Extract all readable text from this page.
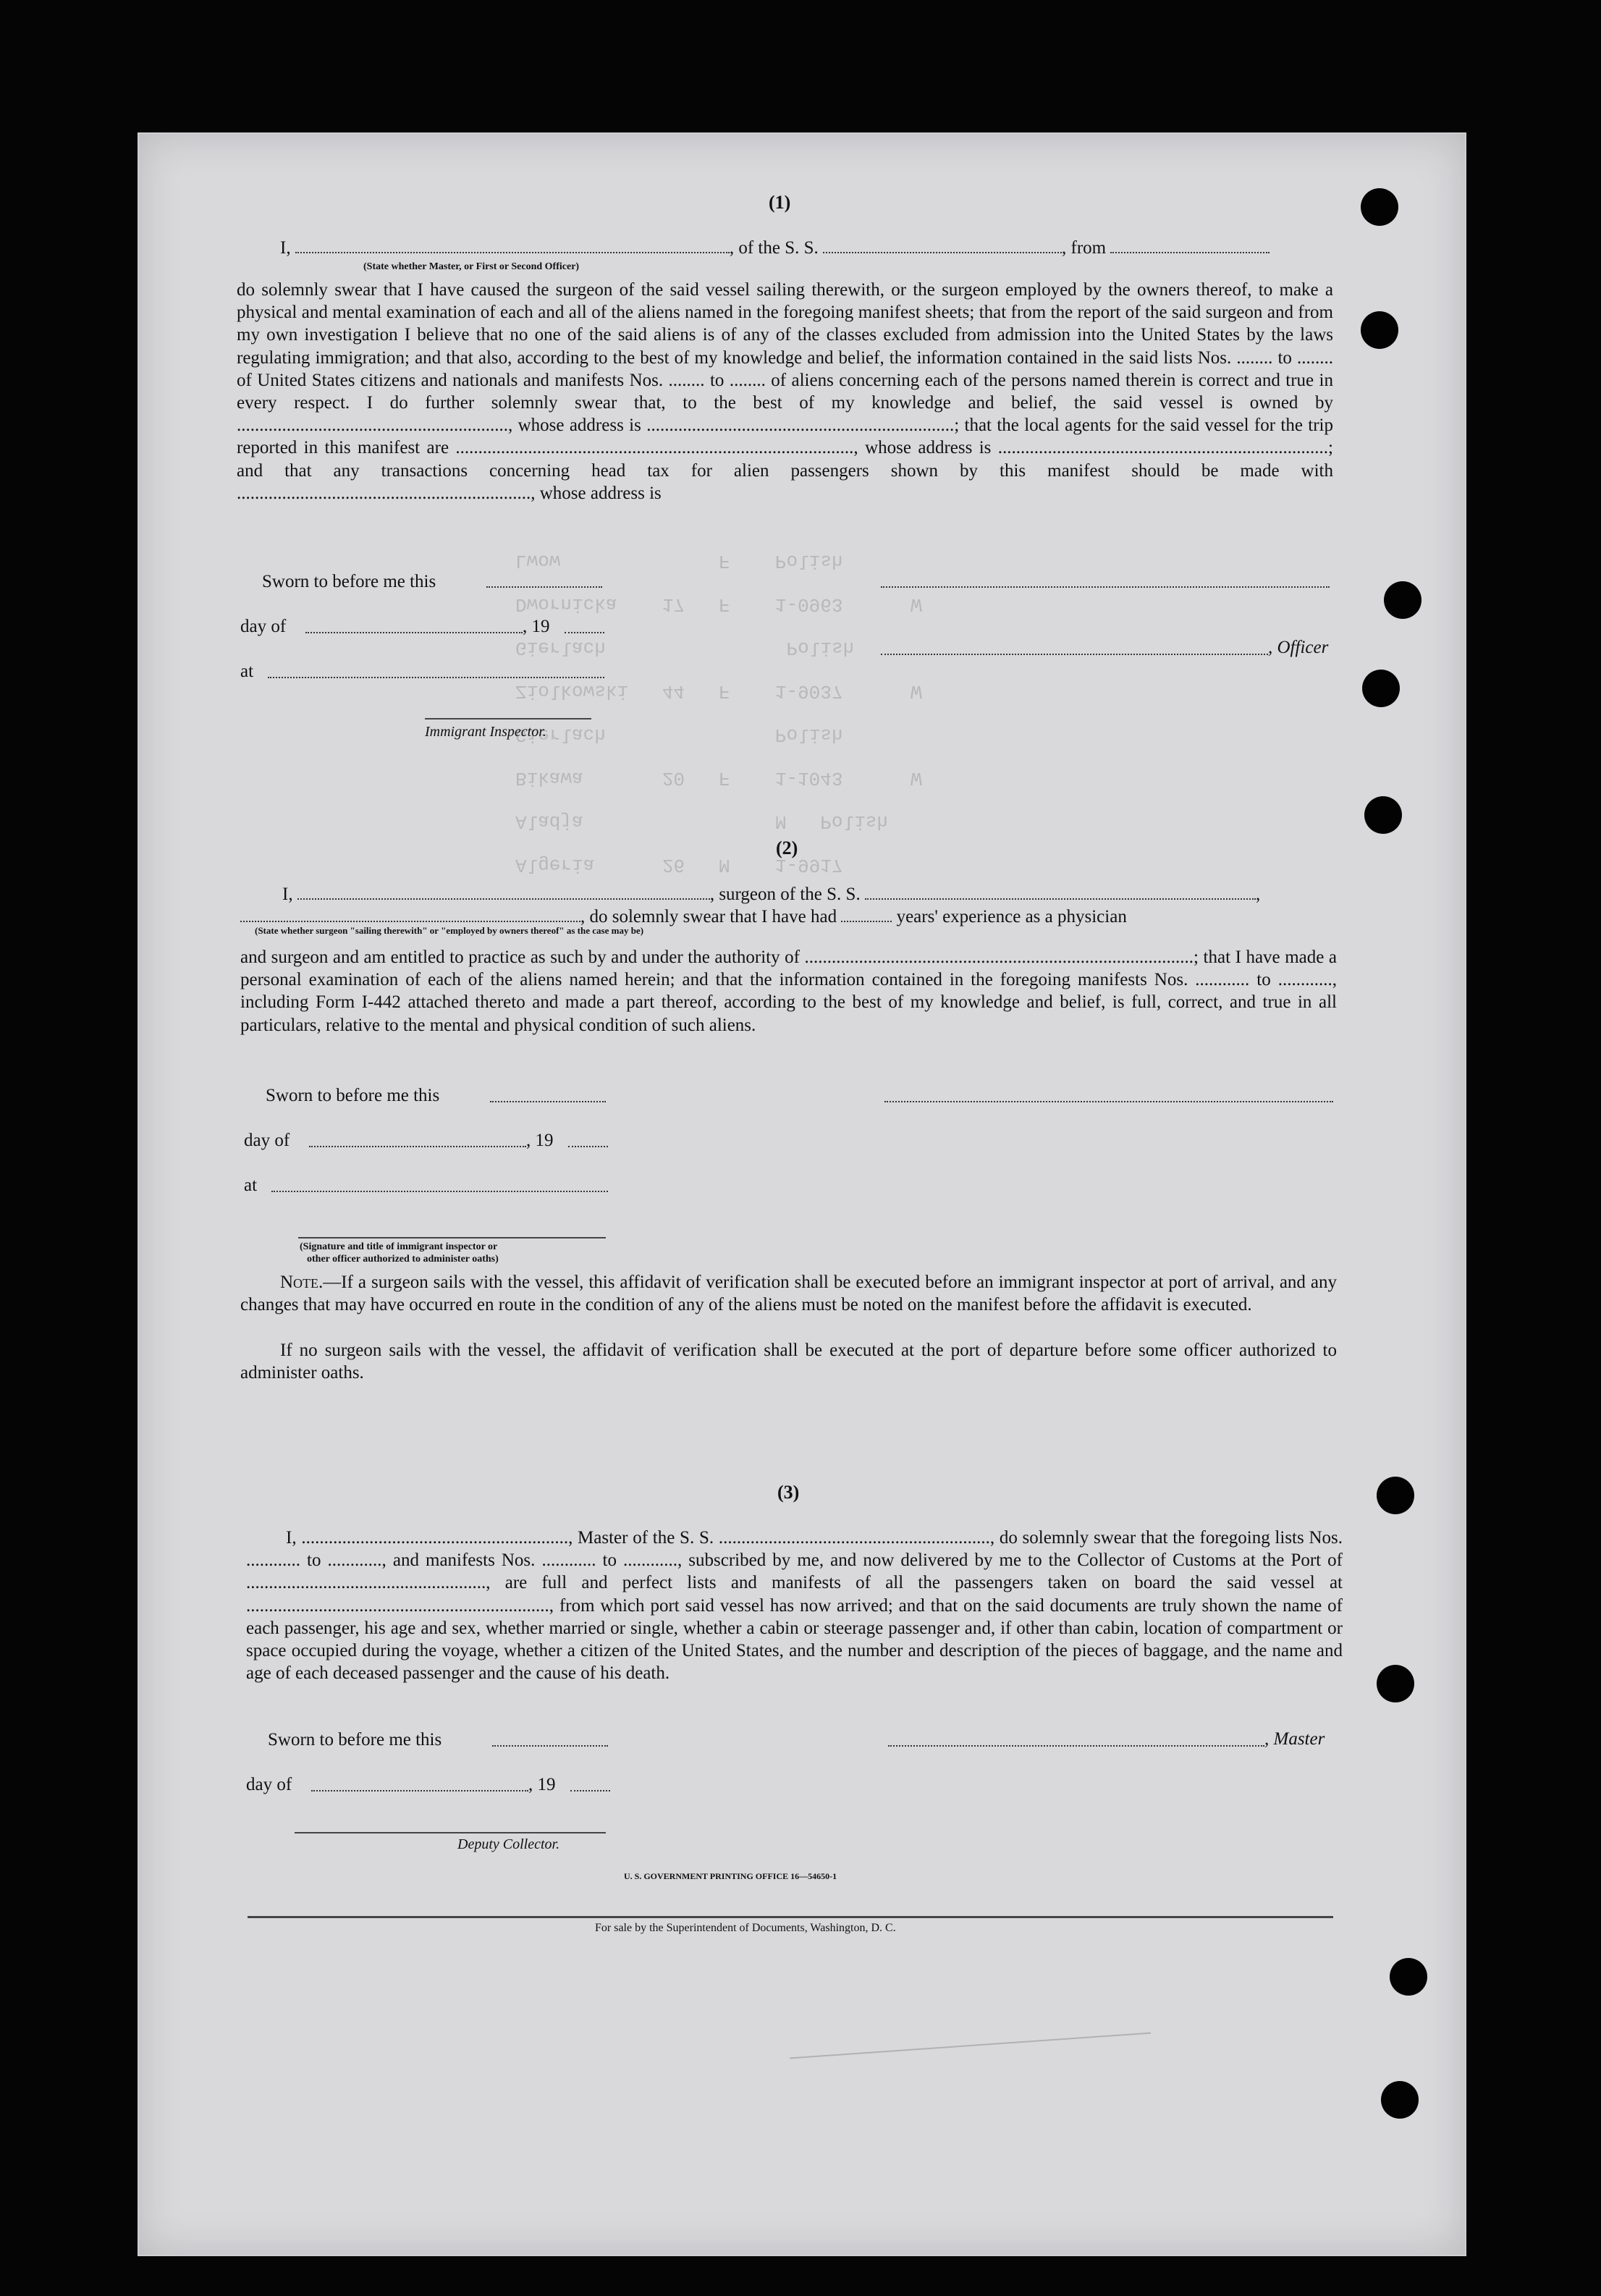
Algeria      26   M    1-9917
Aladja                 M   Polish
Bikawa       20   F    1-1043      W
Gierlach               Polish
Ziolkowski   44   F    1-9037      W
Gierlach                Polish
Dwornicka    17   F    1-0963      W
Lwow              F    Polish
(1)
I,	, of the S. S.	, from
(State whether Master, or First or Second Officer)
do solemnly swear that I have caused the surgeon of the said vessel sailing therewith, or the surgeon employed by the owners thereof, to make a physical and mental examination of each and all of the aliens named in the foregoing manifest sheets; that from the report of the said surgeon and from my own investigation I believe that no one of the said aliens is of any of the classes excluded from admission into the United States by the laws regulating immigration; and that also, according to the best of my knowledge and belief, the information contained in the said lists Nos. ........ to ........ of United States citizens and nationals and manifests Nos. ........ to ........ of aliens concerning each of the persons named therein is correct and true in every respect. I do further solemnly swear that, to the best of my knowledge and belief, the said vessel is owned by ............................................................, whose address is ....................................................................; that the local agents for the said vessel for the trip reported in this manifest are ........................................................................................, whose address is .........................................................................; and that any transactions concerning head tax for alien passengers shown by this manifest should be made with ................................................................., whose address is
Sworn to before me this
day of	, 19
, Officer
at
Immigrant Inspector.
(2)
I,	, surgeon of the S. S.	,
, do solemnly swear that I have had	years' experience as a physician
(State whether surgeon "sailing therewith" or "employed by owners thereof" as the case may be)
and surgeon and am entitled to practice as such by and under the authority of ......................................................................................; that I have made a personal examination of each of the aliens named herein; and that the information contained in the foregoing manifests Nos. ............ to ............, including Form I-442 attached thereto and made a part thereof, according to the best of my knowledge and belief, is full, correct, and true in all particulars, relative to the mental and physical condition of such aliens.
Sworn to before me this
day of	, 19
at
(Signature and title of immigrant inspector or
other officer authorized to administer oaths)
Note.—If a surgeon sails with the vessel, this affidavit of verification shall be executed before an immigrant inspector at port of arrival, and any changes that may have occurred en route in the condition of any of the aliens must be noted on the manifest before the affidavit is executed.
If no surgeon sails with the vessel, the affidavit of verification shall be executed at the port of departure before some officer authorized to administer oaths.
(3)
I, ..........................................................., Master of the S. S. ............................................................, do solemnly swear that the foregoing lists Nos. ............ to ............, and manifests Nos. ............ to ............, subscribed by me, and now delivered by me to the Collector of Customs at the Port of ....................................................., are full and perfect lists and manifests of all the passengers taken on board the said vessel at ..................................................................., from which port said vessel has now arrived; and that on the said documents are truly shown the name of each passenger, his age and sex, whether married or single, whether a cabin or steerage passenger and, if other than cabin, location of compartment or space occupied during the voyage, whether a citizen of the United States, and the number and description of the pieces of baggage, and the name and age of each deceased passenger and the cause of his death.
Sworn to before me this	, Master
day of	, 19
Deputy Collector.
U. S. GOVERNMENT PRINTING OFFICE 16—54650-1
For sale by the Superintendent of Documents, Washington, D. C.
